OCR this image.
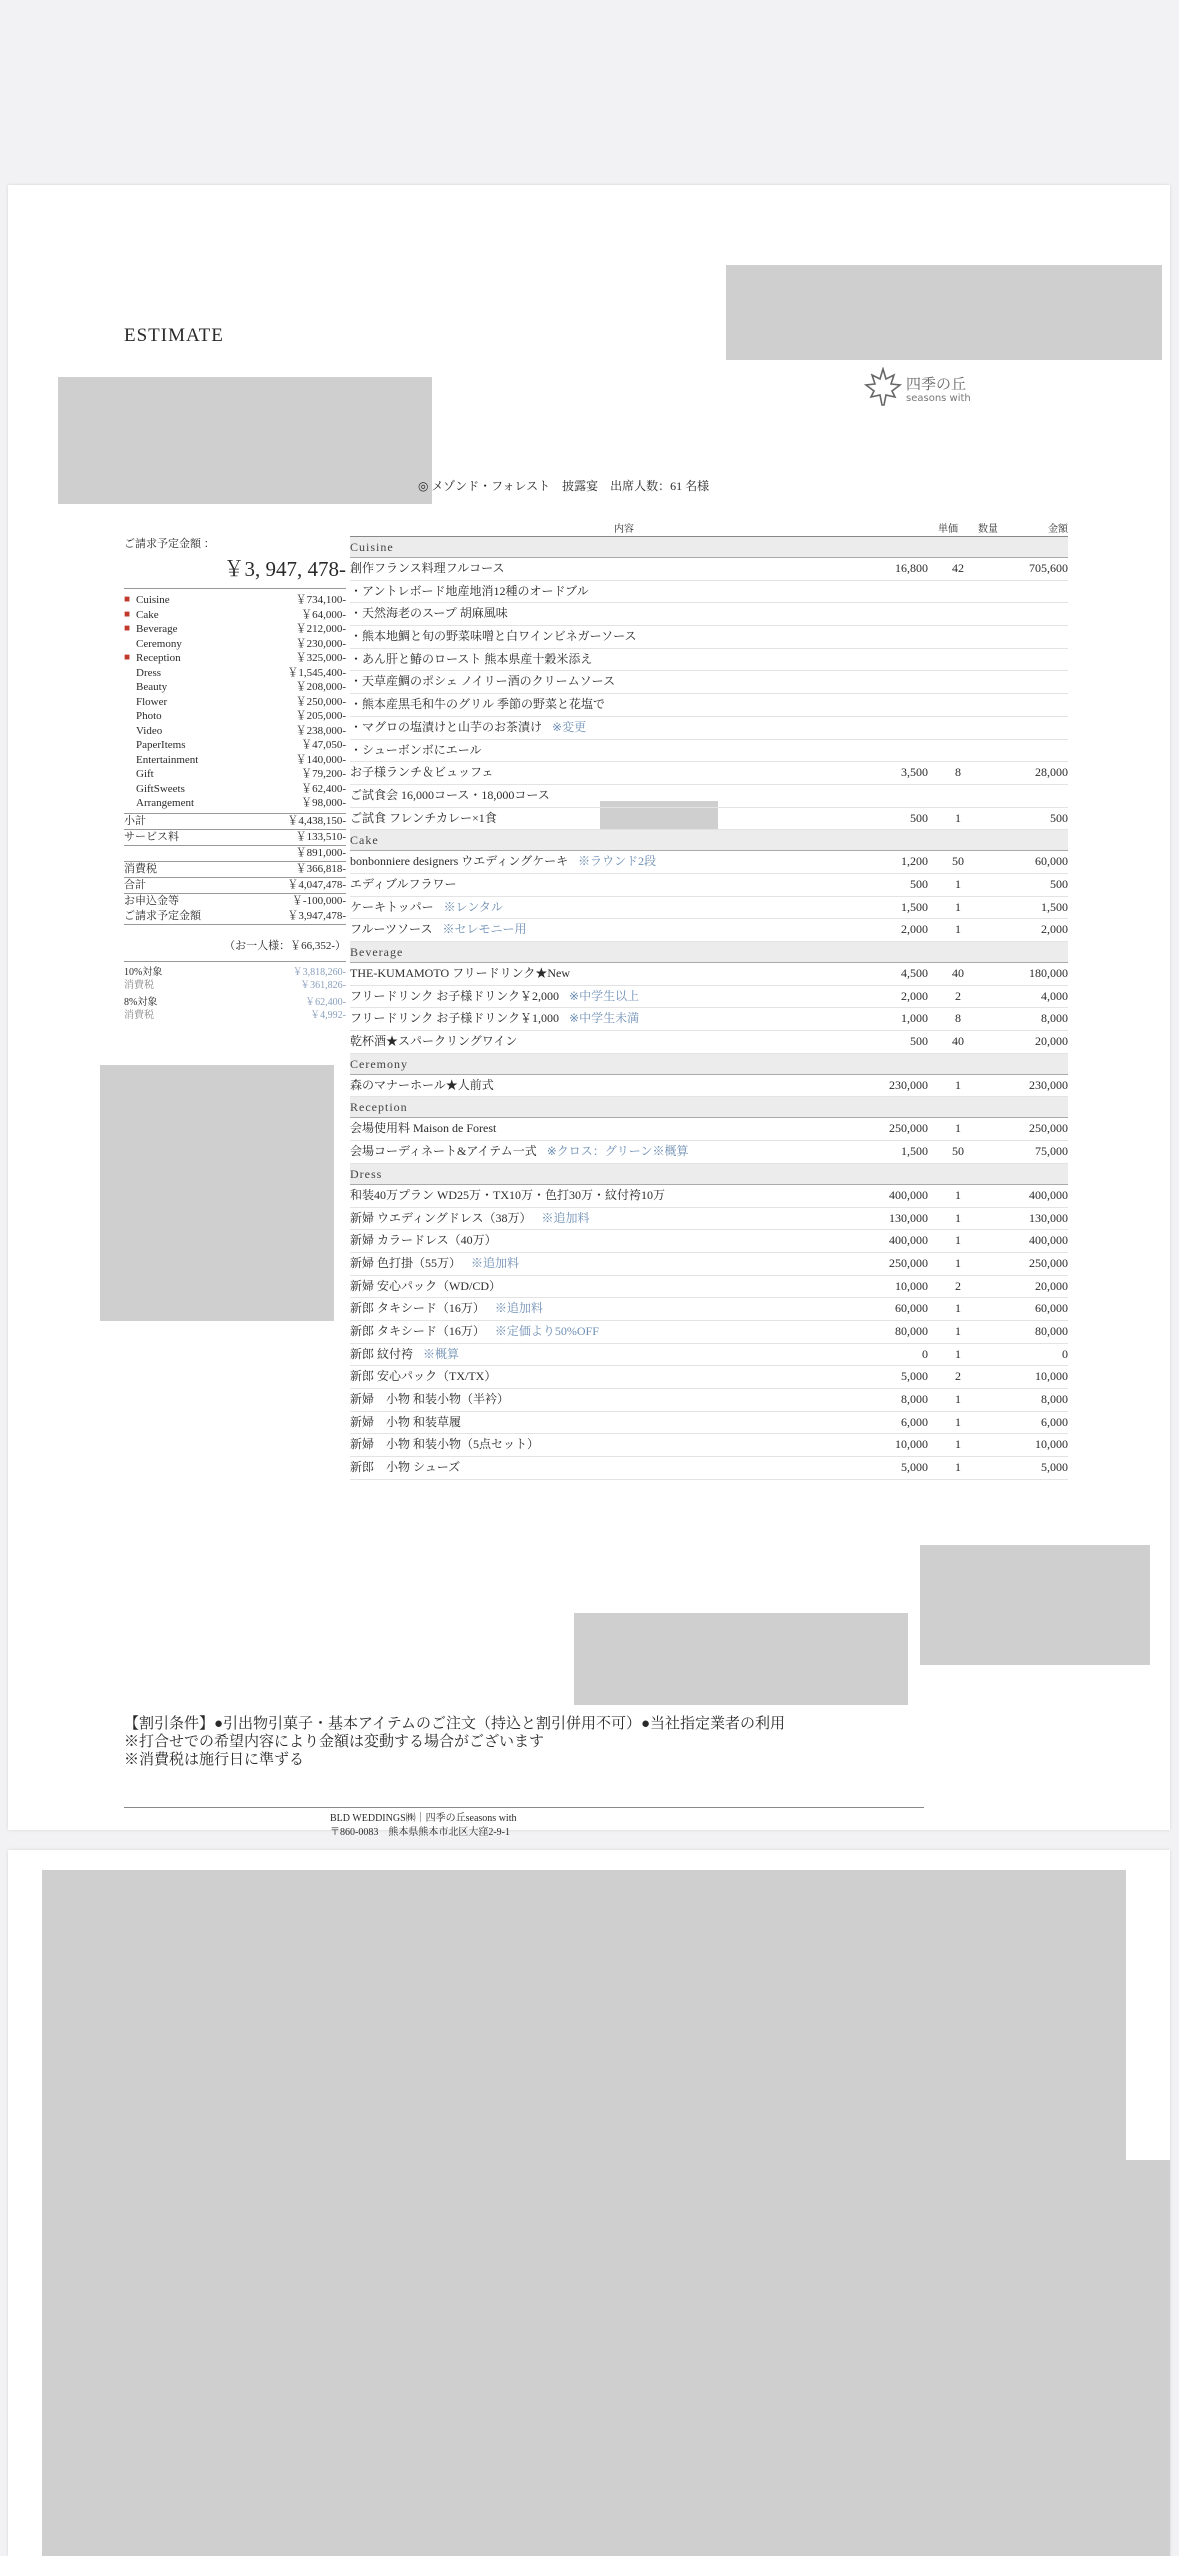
ESTIMATE
四季の丘
seasons with
◎ メゾンド・フォレスト　披露宴　出席人数：61 名様
ご請求予定金額 ：
￥3, 947, 478-
■ Cuisine	￥734,100-
■ Cake	￥64,000-
■ Beverage	￥212,000-
Ceremony	￥230,000-
■ Reception	￥325,000-
Dress	￥1,545,400-
Beauty	￥208,000-
Flower	￥250,000-
Photo	￥205,000-
Video	￥238,000-
PaperItems	￥47,050-
Entertainment	￥140,000-
Gift	￥79,200-
GiftSweets	￥62,400-
Arrangement	￥98,000-
小計	￥4,438,150-
サービス料	￥133,510-
￥891,000-
消費税	￥366,818-
合計	￥4,047,478-
お申込金等	￥-100,000-
ご請求予定金額	￥3,947,478-
（お一人様：￥66,352-）
10%対象	￥3,818,260-
消費税	￥361,826-
8%対象	￥62,400-
消費税	￥4,992-
内容	単価	数量	金額
Cuisine
創作フランス料理フルコース	16,800	42	705,600
・アントレボード地産地消12種のオードブル
・天然海老のスープ 胡麻風味
・熊本地鯛と旬の野菜味噌と白ワインビネガーソース
・あん肝と鰆のロースト 熊本県産十穀米添え
・天草産鯛のポシェ ノイリー酒のクリームソース
・熊本産黒毛和牛のグリル 季節の野菜と花塩で
・マグロの塩漬けと山芋のお茶漬け ※変更
・シューボンボにエール
お子様ランチ＆ビュッフェ	3,500	8	28,000
ご試食会 16,000コース・18,000コース
ご試食 フレンチカレー×1食	500	1	500
Cake
bonbonniere designers ウエディングケーキ ※ラウンド2段	1,200	50	60,000
エディブルフラワー	500	1	500
ケーキトッパー ※レンタル	1,500	1	1,500
フルーツソース ※セレモニー用	2,000	1	2,000
Beverage
THE-KUMAMOTO フリードリンク★New	4,500	40	180,000
フリードリンク お子様ドリンク￥2,000 ※中学生以上	2,000	2	4,000
フリードリンク お子様ドリンク￥1,000 ※中学生未満	1,000	8	8,000
乾杯酒★スパークリングワイン	500	40	20,000
Ceremony
森のマナーホール★人前式	230,000	1	230,000
Reception
会場使用料 Maison de Forest	250,000	1	250,000
会場コーディネート&アイテム一式 ※クロス：グリーン※概算	1,500	50	75,000
Dress
和装40万プラン WD25万・TX10万・色打30万・紋付袴10万	400,000	1	400,000
新婦 ウエディングドレス（38万） ※追加料	130,000	1	130,000
新婦 カラードレス（40万）	400,000	1	400,000
新婦 色打掛（55万） ※追加料	250,000	1	250,000
新婦 安心パック（WD/CD）	10,000	2	20,000
新郎 タキシード（16万） ※追加料	60,000	1	60,000
新郎 タキシード（16万） ※定価より50%OFF	80,000	1	80,000
新郎 紋付袴 ※概算	0	1	0
新郎 安心パック（TX/TX）	5,000	2	10,000
新婦　小物 和装小物（半衿）	8,000	1	8,000
新婦　小物 和装草履	6,000	1	6,000
新婦　小物 和装小物（5点セット）	10,000	1	10,000
新郎　小物 シューズ	5,000	1	5,000
【割引条件】●引出物引菓子・基本アイテムのご注文（持込と割引併用不可）●当社指定業者の利用
※打合せでの希望内容により金額は変動する場合がございます
※消費税は施行日に準ずる
BLD WEDDINGS㈱｜四季の丘seasons with
〒860-0083　熊本県熊本市北区大窪2-9-1
